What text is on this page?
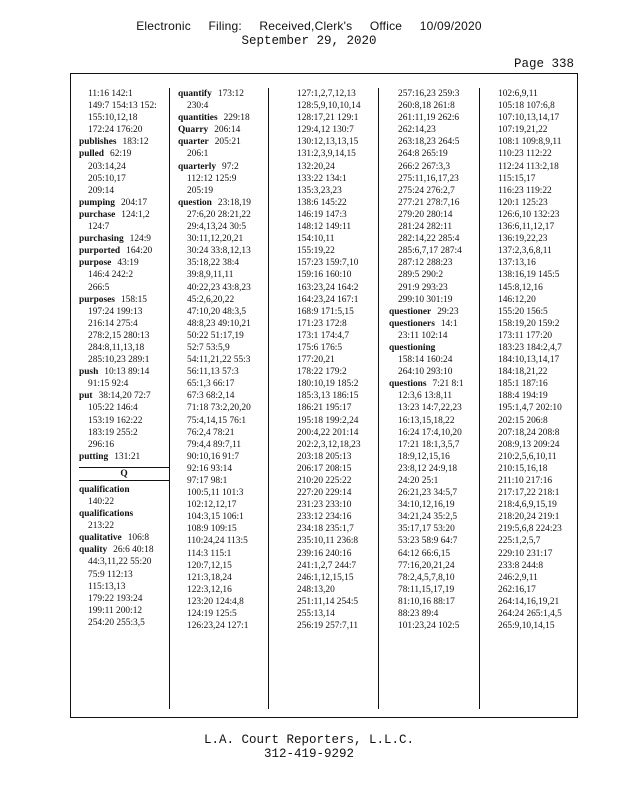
Electronic Filing: Received,Clerk's Office 10/09/2020
September 29, 2020
Page 338
11:16 142:1
149:7 154:13 152:
155:10,12,18
172:24 176:20
publishes 183:12
pulled 62:19
203:14,24
205:10,17
209:14
pumping 204:17
purchase 124:1,2
124:7
purchasing 124:9
purported 164:20
purpose 43:19
146:4 242:2
266:5
purposes 158:15
197:24 199:13
216:14 275:4
278:2,15 280:13
284:8,11,13,18
285:10,23 289:1
push 10:13 89:14
91:15 92:4
put 38:14,20 72:7
105:22 146:4
153:19 162:22
183:19 255:2
296:16
putting 131:21
Q
qualification
140:22
qualifications
213:22
qualitative 106:8
quality 26:6 40:18
44:3,11,22 55:20
75:9 112:13
115:13,13
179:22 193:24
199:11 200:12
254:20 255:3,5
quantify 173:12
230:4
quantities 229:18
Quarry 206:14
quarter 205:21
206:1
quarterly 97:2
112:12 125:9
205:19
question 23:18,19
27:6,20 28:21,22
29:4,13,24 30:5
30:11,12,20,21
30:24 33:8,12,13
35:18,22 38:4
39:8,9,11,11
40:22,23 43:8,23
45:2,6,20,22
47:10,20 48:3,5
48:8,23 49:10,21
50:22 51:17,19
52:7 53:5,9
54:11,21,22 55:3
56:11,13 57:3
65:1,3 66:17
67:3 68:2,14
71:18 73:2,20,20
75:4,14,15 76:1
76:2,4 78:21
79:4,4 89:7,11
90:10,16 91:7
92:16 93:14
97:17 98:1
100:5,11 101:3
102:12,12,17
104:3,15 106:1
108:9 109:15
110:24,24 113:5
114:3 115:1
120:7,12,15
121:3,18,24
122:3,12,16
123:20 124:4,8
124:19 125:5
126:23,24 127:1
127:1,2,7,12,13
128:5,9,10,10,14
128:17,21 129:1
129:4,12 130:7
130:12,13,13,15
131:2,3,9,14,15
132:20,24
133:22 134:1
135:3,23,23
138:6 145:22
146:19 147:3
148:12 149:11
154:10,11
155:19,22
157:23 159:7,10
159:16 160:10
163:23,24 164:2
164:23,24 167:1
168:9 171:5,15
171:23 172:8
173:1 174:4,7
175:6 176:5
177:20,21
178:22 179:2
180:10,19 185:2
185:3,13 186:15
186:21 195:17
195:18 199:2,24
200:4,22 201:14
202:2,3,12,18,23
203:18 205:13
206:17 208:15
210:20 225:22
227:20 229:14
231:23 233:10
233:12 234:16
234:18 235:1,7
235:10,11 236:8
239:16 240:16
241:1,2,7 244:7
246:1,12,15,15
248:13,20
251:11,14 254:5
255:13,14
256:19 257:7,11
257:16,23 259:3
260:8,18 261:8
261:11,19 262:6
262:14,23
263:18,23 264:5
264:8 265:19
266:2 267:3,3
275:11,16,17,23
275:24 276:2,7
277:21 278:7,16
279:20 280:14
281:24 282:11
282:14,22 285:4
285:6,7,17 287:4
287:12 288:23
289:5 290:2
291:9 293:23
299:10 301:19
questioner 29:23
questioners 14:1
23:11 102:14
questioning
158:14 160:24
264:10 293:10
questions 7:21 8:1
12:3,6 13:8,11
13:23 14:7,22,23
16:13,15,18,22
16:24 17:4,10,20
17:21 18:1,3,5,7
18:9,12,15,16
23:8,12 24:9,18
24:20 25:1
26:21,23 34:5,7
34:10,12,16,19
34:21,24 35:2,5
35:17,17 53:20
53:23 58:9 64:7
64:12 66:6,15
77:16,20,21,24
78:2,4,5,7,8,10
78:11,15,17,19
81:10,16 88:17
88:23 89:4
101:23,24 102:5
102:6,9,11
105:18 107:6,8
107:10,13,14,17
107:19,21,22
108:1 109:8,9,11
110:23 112:22
112:24 113:2,18
115:15,17
116:23 119:22
120:1 125:23
126:6,10 132:23
136:6,11,12,17
136:19,22,23
137:2,3,6,8,11
137:13,16
138:16,19 145:5
145:8,12,16
146:12,20
155:20 156:5
158:19,20 159:2
173:11 177:20
183:23 184:2,4,7
184:10,13,14,17
184:18,21,22
185:1 187:16
188:4 194:19
195:1,4,7 202:10
202:15 206:8
207:18,24 208:8
208:9,13 209:24
210:2,5,6,10,11
210:15,16,18
211:10 217:16
217:17,22 218:1
218:4,6,9,15,19
218:20,24 219:1
219:5,6,8 224:23
225:1,2,5,7
229:10 231:17
233:8 244:8
246:2,9,11
262:16,17
264:14,16,19,21
264:24 265:1,4,5
265:9,10,14,15
L.A. Court Reporters, L.L.C.
312-419-9292
